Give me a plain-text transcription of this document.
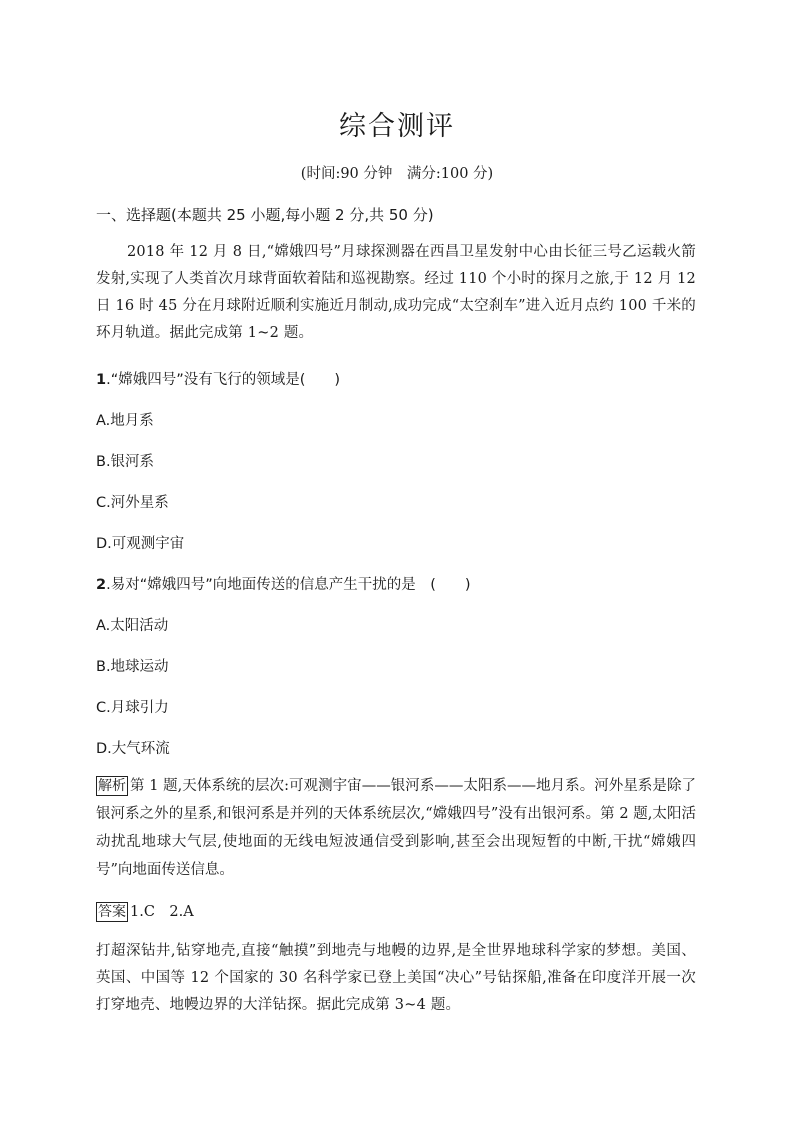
综合测评
(时间:90 分钟　满分:100 分)
一、选择题(本题共 25 小题,每小题 2 分,共 50 分)
2018 年 12 月 8 日,“嫦娥四号”月球探测器在西昌卫星发射中心由长征三号乙运载火箭发射,实现了人类首次月球背面软着陆和巡视勘察。经过 110 个小时的探月之旅,于 12 月 12 日 16 时 45 分在月球附近顺利实施近月制动,成功完成“太空刹车”进入近月点约 100 千米的环月轨道。据此完成第 1~2 题。
1.“嫦娥四号”没有飞行的领域是(　　)
A.地月系
B.银河系
C.河外星系
D.可观测宇宙
2.易对“嫦娥四号”向地面传送的信息产生干扰的是　(　　)
A.太阳活动
B.地球运动
C.月球引力
D.大气环流
解析 第 1 题,天体系统的层次:可观测宇宙——银河系——太阳系——地月系。河外星系是除了银河系之外的星系,和银河系是并列的天体系统层次,“嫦娥四号”没有出银河系。第 2 题,太阳活动扰乱地球大气层,使地面的无线电短波通信受到影响,甚至会出现短暂的中断,干扰“嫦娥四号”向地面传送信息。
答案 1.C　2.A
打超深钻井,钻穿地壳,直接“触摸”到地壳与地幔的边界,是全世界地球科学家的梦想。美国、英国、中国等 12 个国家的 30 名科学家已登上美国“决心”号钻探船,准备在印度洋开展一次打穿地壳、地幔边界的大洋钻探。据此完成第 3~4 题。
